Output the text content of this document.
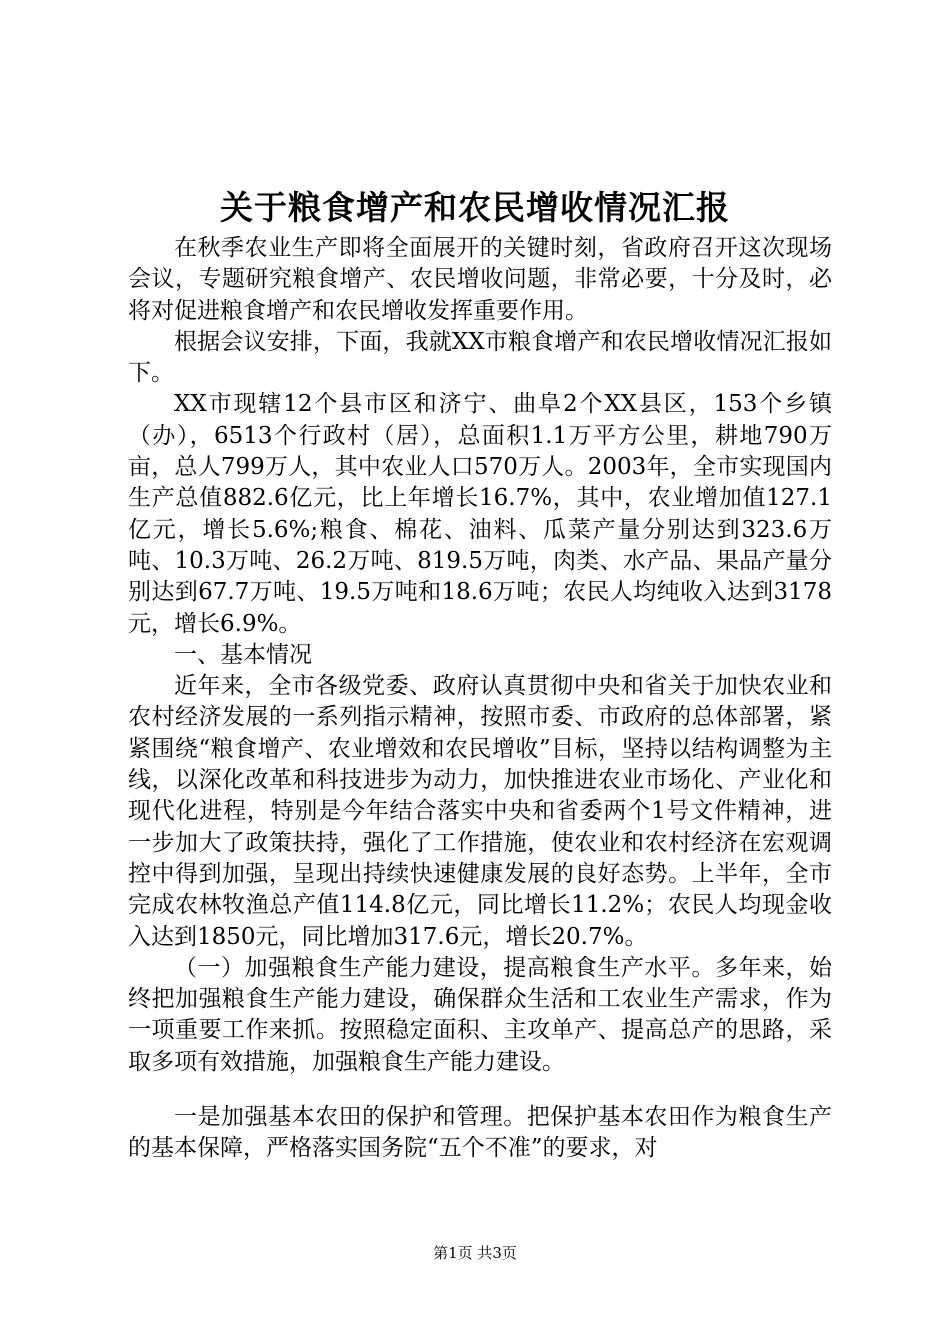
关于粮食增产和农民增收情况汇报

在秋季农业生产即将全面展开的关键时刻，省政府召开这次现场会议，专题研究粮食增产、农民增收问题，非常必要，十分及时，必将对促进粮食增产和农民增收发挥重要作用。

根据会议安排，下面，我就XX市粮食增产和农民增收情况汇报如下。

XX市现辖12个县市区和济宁、曲阜2个XX县区，153个乡镇（办），6513个行政村（居），总面积1.1万平方公里，耕地790万亩，总人799万人，其中农业人口570万人。2003年，全市实现国内生产总值882.6亿元，比上年增长16.7%，其中，农业增加值127.1亿元，增长5.6%;粮食、棉花、油料、瓜菜产量分别达到323.6万吨、10.3万吨、26.2万吨、819.5万吨，肉类、水产品、果品产量分别达到67.7万吨、19.5万吨和18.6万吨；农民人均纯收入达到3178元，增长6.9%。

一、基本情况

近年来，全市各级党委、政府认真贯彻中央和省关于加快农业和农村经济发展的一系列指示精神，按照市委、市政府的总体部署，紧紧围绕“粮食增产、农业增效和农民增收”目标，坚持以结构调整为主线，以深化改革和科技进步为动力，加快推进农业市场化、产业化和现代化进程，特别是今年结合落实中央和省委两个1号文件精神，进一步加大了政策扶持，强化了工作措施，使农业和农村经济在宏观调控中得到加强，呈现出持续快速健康发展的良好态势。上半年，全市完成农林牧渔总产值114.8亿元，同比增长11.2%；农民人均现金收入达到1850元，同比增加317.6元，增长20.7%。

（一）加强粮食生产能力建设，提高粮食生产水平。多年来，始终把加强粮食生产能力建设，确保群众生活和工农业生产需求，作为一项重要工作来抓。按照稳定面积、主攻单产、提高总产的思路，采取多项有效措施，加强粮食生产能力建设。

一是加强基本农田的保护和管理。把保护基本农田作为粮食生产的基本保障，严格落实国务院“五个不准”的要求，对

第1页 共3页
